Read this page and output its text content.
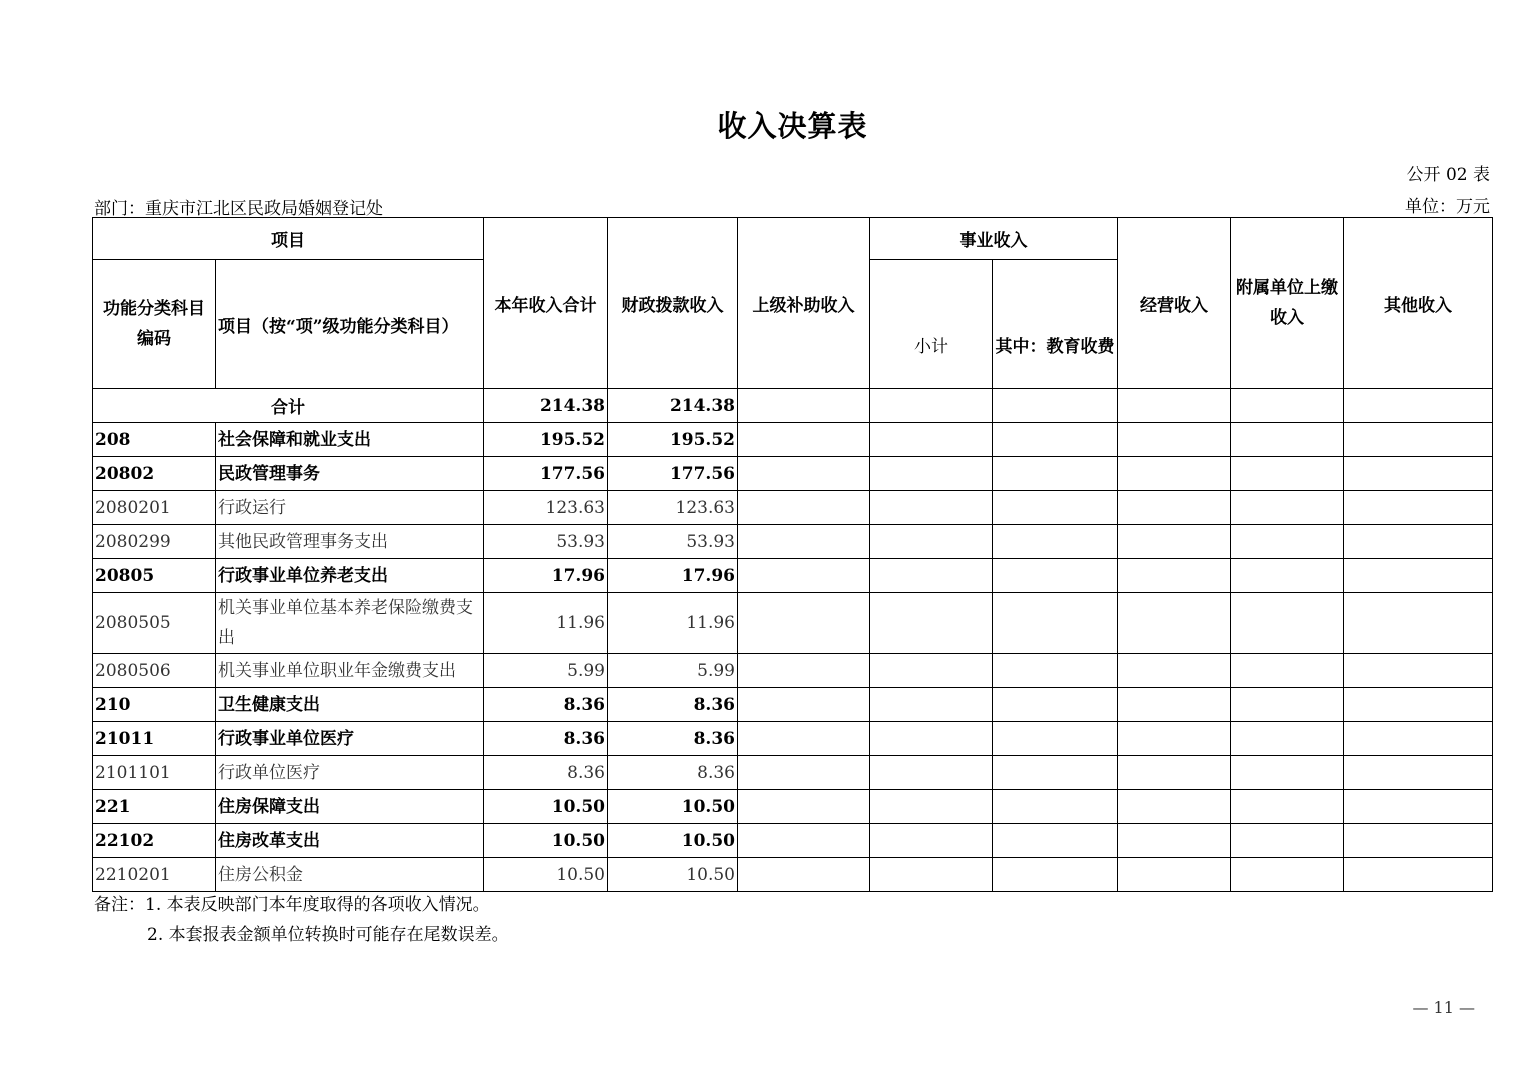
收入决算表
公开 02 表
部门：重庆市江北区民政局婚姻登记处	单位：万元
项目		本年收入合计	财政拨款收入	上级补助收入	事业收入		经营收入	附属单位上缴收入	其他收入
功能分类科目编码	项目（按“项”级功能分类科目）				小计	其中：教育收费			
合计		214.38	214.38						
208	社会保障和就业支出	195.52	195.52						
20802	民政管理事务	177.56	177.56						
2080201	行政运行	123.63	123.63						
2080299	其他民政管理事务支出	53.93	53.93						
20805	行政事业单位养老支出	17.96	17.96						
2080505	机关事业单位基本养老保险缴费支出	11.96	11.96						
2080506	机关事业单位职业年金缴费支出	5.99	5.99						
210	卫生健康支出	8.36	8.36						
21011	行政事业单位医疗	8.36	8.36						
2101101	行政单位医疗	8.36	8.36						
221	住房保障支出	10.50	10.50						
22102	住房改革支出	10.50	10.50						
2210201	住房公积金	10.50	10.50						
备注：1. 本表反映部门本年度取得的各项收入情况。
2. 本套报表金额单位转换时可能存在尾数误差。
— 11 —
